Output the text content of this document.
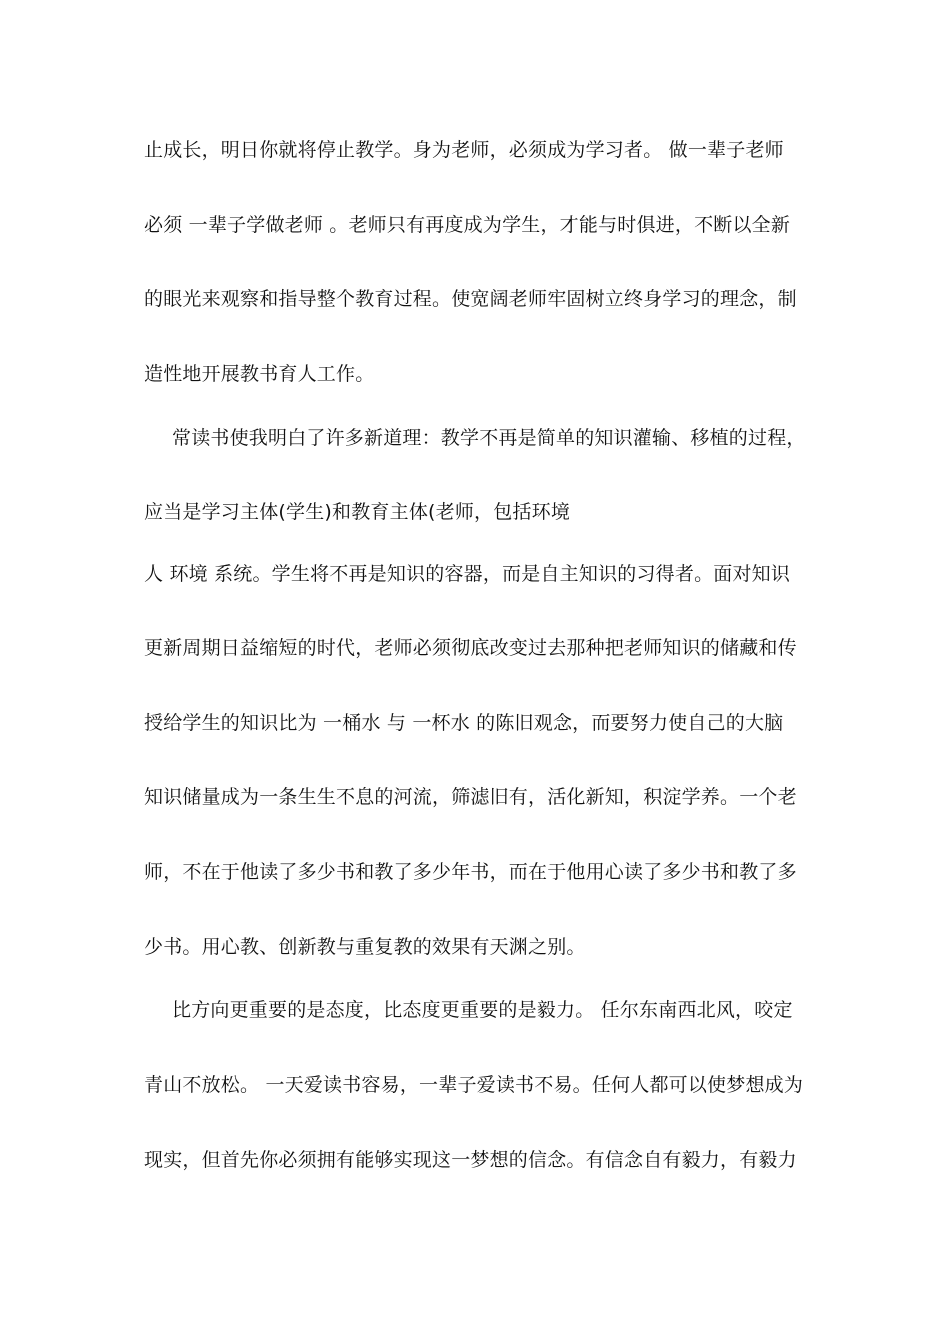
止成长，明日你就将停止教学。身为老师，必须成为学习者。 做一辈子老师
必须 一辈子学做老师 。老师只有再度成为学生，才能与时俱进，不断以全新
的眼光来观察和指导整个教育过程。使宽阔老师牢固树立终身学习的理念，制
造性地开展教书育人工作。
常读书使我明白了许多新道理：教学不再是简单的知识灌输、移植的过程，
应当是学习主体(学生)和教育主体(老师，包括环境
人 环境 系统。学生将不再是知识的容器，而是自主知识的习得者。面对知识
更新周期日益缩短的时代，老师必须彻底改变过去那种把老师知识的储藏和传
授给学生的知识比为 一桶水 与 一杯水 的陈旧观念，而要努力使自己的大脑
知识储量成为一条生生不息的河流，筛滤旧有，活化新知，积淀学养。一个老
师，不在于他读了多少书和教了多少年书，而在于他用心读了多少书和教了多
少书。用心教、创新教与重复教的效果有天渊之别。
比方向更重要的是态度，比态度更重要的是毅力。 任尔东南西北风，咬定
青山不放松。 一天爱读书容易，一辈子爱读书不易。任何人都可以使梦想成为
现实，但首先你必须拥有能够实现这一梦想的信念。有信念自有毅力，有毅力
